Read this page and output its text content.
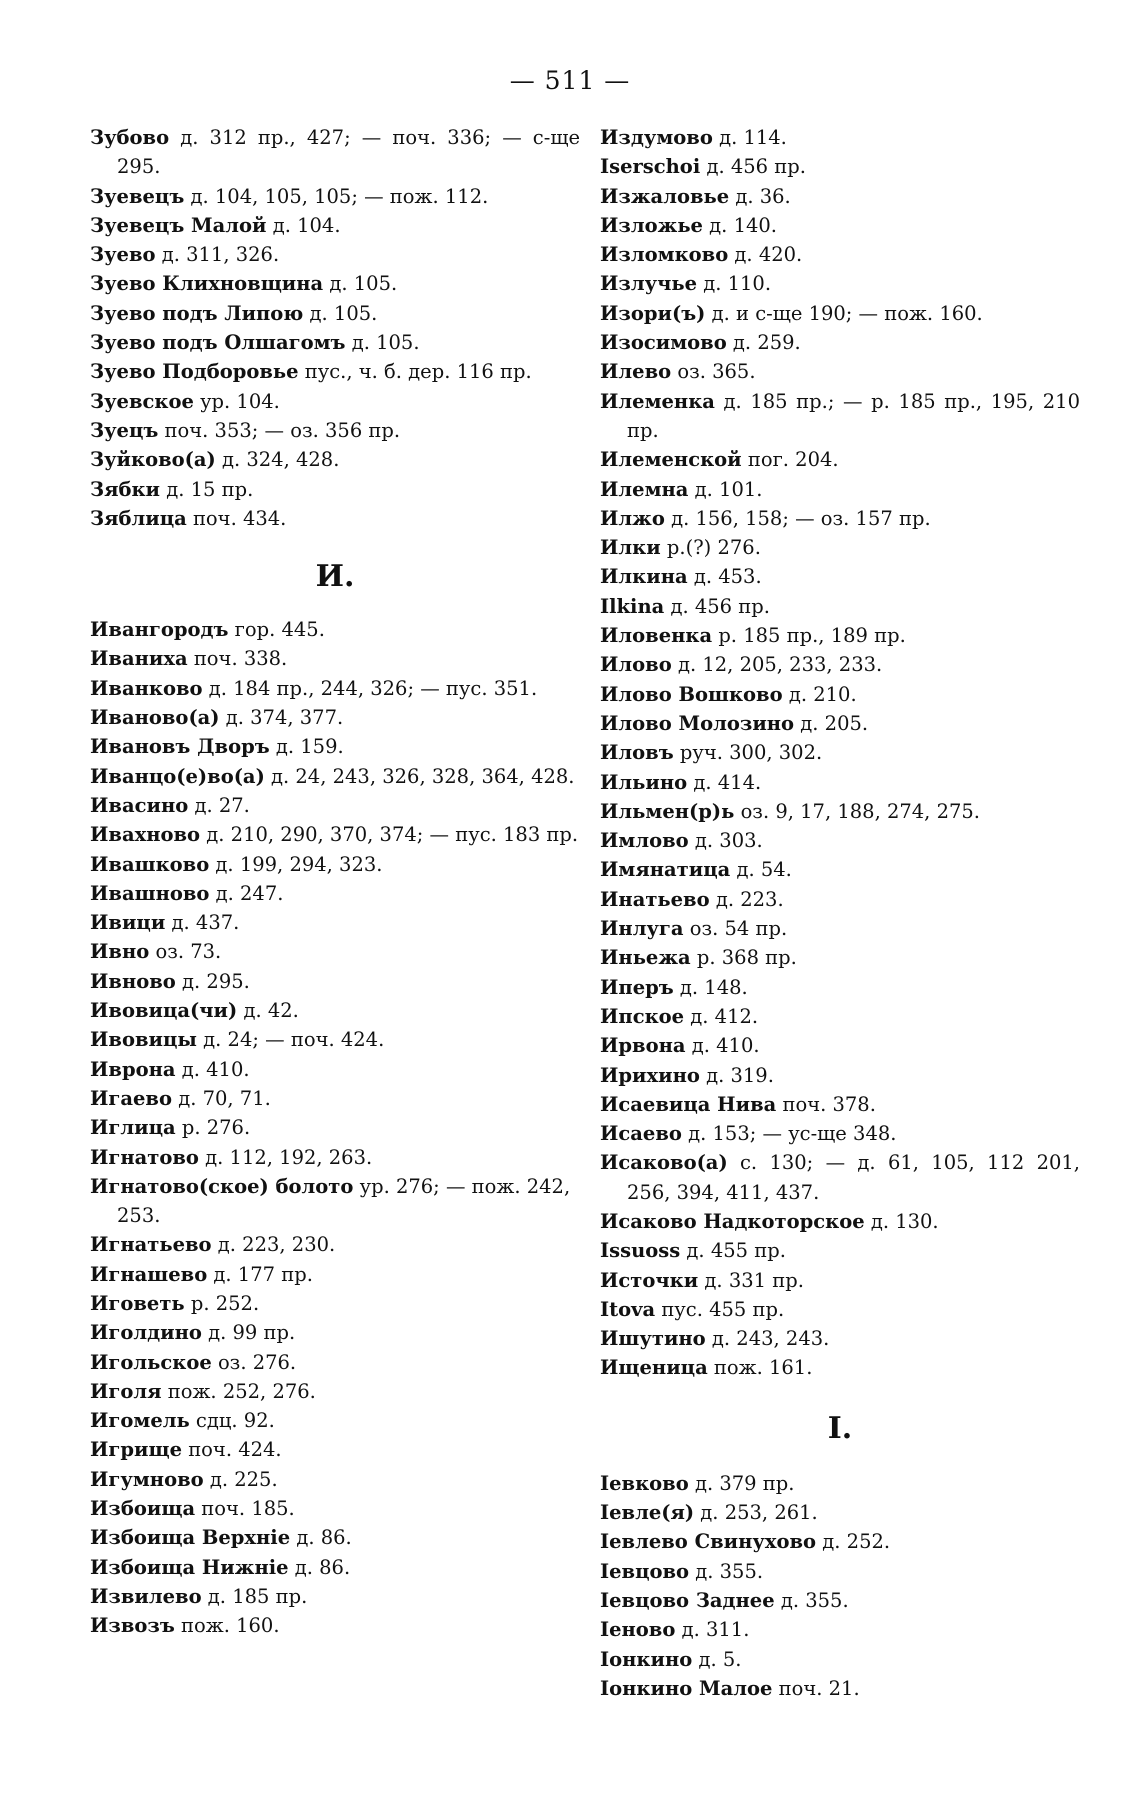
— 511 —
Зубово д. 312 пр., 427; — поч. 336; — с-ще 295.
Зуевецъ д. 104, 105, 105; — пож. 112.
Зуевецъ Малой д. 104.
Зуево д. 311, 326.
Зуево Клихновщина д. 105.
Зуево подъ Липою д. 105.
Зуево подъ Олшагомъ д. 105.
Зуево Подборовье пус., ч. б. дер. 116 пр.
Зуевское ур. 104.
Зуецъ поч. 353; — оз. 356 пр.
Зуйково(а) д. 324, 428.
Зябки д. 15 пр.
Зяблица поч. 434.
И.
Ивангородъ гор. 445.
Иваниха поч. 338.
Иванково д. 184 пр., 244, 326; — пус. 351.
Иваново(а) д. 374, 377.
Ивановъ Дворъ д. 159.
Иванцо(е)во(а) д. 24, 243, 326, 328, 364, 428.
Ивасино д. 27.
Ивахново д. 210, 290, 370, 374; — пус. 183 пр.
Ивашково д. 199, 294, 323.
Ивашново д. 247.
Ивици д. 437.
Ивно оз. 73.
Ивново д. 295.
Ивовица(чи) д. 42.
Ивовицы д. 24; — поч. 424.
Иврона д. 410.
Игаево д. 70, 71.
Иглица р. 276.
Игнатово д. 112, 192, 263.
Игнатово(ское) болото ур. 276; — пож. 242, 253.
Игнатьево д. 223, 230.
Игнашево д. 177 пр.
Иговеть р. 252.
Иголдино д. 99 пр.
Игольское оз. 276.
Иголя пож. 252, 276.
Игомель сдц. 92.
Игрище поч. 424.
Игумново д. 225.
Избоища поч. 185.
Избоища Верхніе д. 86.
Избоища Нижніе д. 86.
Извилево д. 185 пр.
Извозъ пож. 160.
Издумово д. 114.
Iserschoi д. 456 пр.
Изжаловье д. 36.
Изложье д. 140.
Изломково д. 420.
Излучье д. 110.
Изори(ъ) д. и с-ще 190; — пож. 160.
Изосимово д. 259.
Илево оз. 365.
Илеменка д. 185 пр.; — р. 185 пр., 195, 210 пр.
Илеменской пог. 204.
Илемна д. 101.
Илжо д. 156, 158; — оз. 157 пр.
Илки р.(?) 276.
Илкина д. 453.
Ilkina д. 456 пр.
Иловенка р. 185 пр., 189 пр.
Илово д. 12, 205, 233, 233.
Илово Вошково д. 210.
Илово Молозино д. 205.
Иловъ руч. 300, 302.
Ильино д. 414.
Ильмен(р)ь оз. 9, 17, 188, 274, 275.
Имлово д. 303.
Имянатица д. 54.
Инатьево д. 223.
Инлуга оз. 54 пр.
Иньежа р. 368 пр.
Иперъ д. 148.
Ипское д. 412.
Ирвона д. 410.
Ирихино д. 319.
Исаевица Нива поч. 378.
Исаево д. 153; — ус-ще 348.
Исаково(а) с. 130; — д. 61, 105, 112 201, 256, 394, 411, 437.
Исаково Надкоторское д. 130.
Issuoss д. 455 пр.
Источки д. 331 пр.
Itova пус. 455 пр.
Ишутино д. 243, 243.
Ищеница пож. 161.
I.
Іевково д. 379 пр.
Іевле(я) д. 253, 261.
Іевлево Свинухово д. 252.
Іевцово д. 355.
Іевцово Заднее д. 355.
Іеново д. 311.
Іонкино д. 5.
Іонкино Малое поч. 21.
